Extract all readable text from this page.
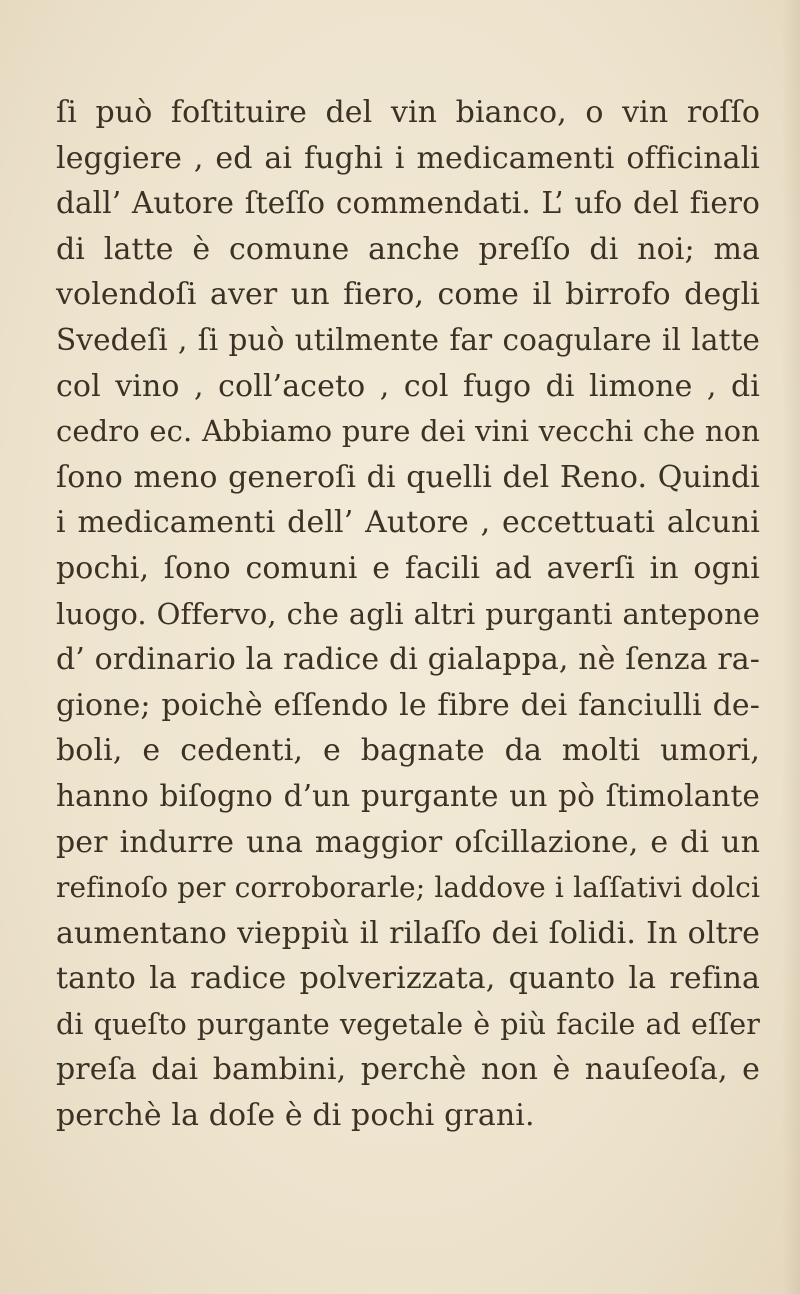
ſi può foſtituire del vin bianco, o vin roſſo
leggiere , ed ai fughi i medicamenti officinali
dall’ Autore ſteſſo commendati. L’ ufo del fiero
di latte è comune anche preſſo di noi; ma
volendoſi aver un fiero, come il birrofo degli
Svedeſi , ſi può utilmente far coagulare il latte
col vino , coll’aceto , col fugo di limone , di
cedro ec. Abbiamo pure dei vini vecchi che non
ſono meno generoſi di quelli del Reno. Quindi
i medicamenti dell’ Autore , eccettuati alcuni
pochi, ſono comuni e facili ad averſi in ogni
luogo. Offervo, che agli altri purganti antepone
d’ ordinario la radice di gialappa, nè ſenza ra-
gione; poichè eſſendo le fibre dei fanciulli de-
boli, e cedenti, e bagnate da molti umori,
hanno biſogno d’un purgante un pò ſtimolante
per indurre una maggior oſcillazione, e di un
refinoſo per corroborarle; laddove i laſſativi dolci
aumentano vieppiù il rilaſſo dei ſolidi. In oltre
tanto la radice polverizzata, quanto la refina
di queſto purgante vegetale è più facile ad eſſer
preſa dai bambini, perchè non è nauſeoſa, e
perchè la doſe è di pochi grani.
